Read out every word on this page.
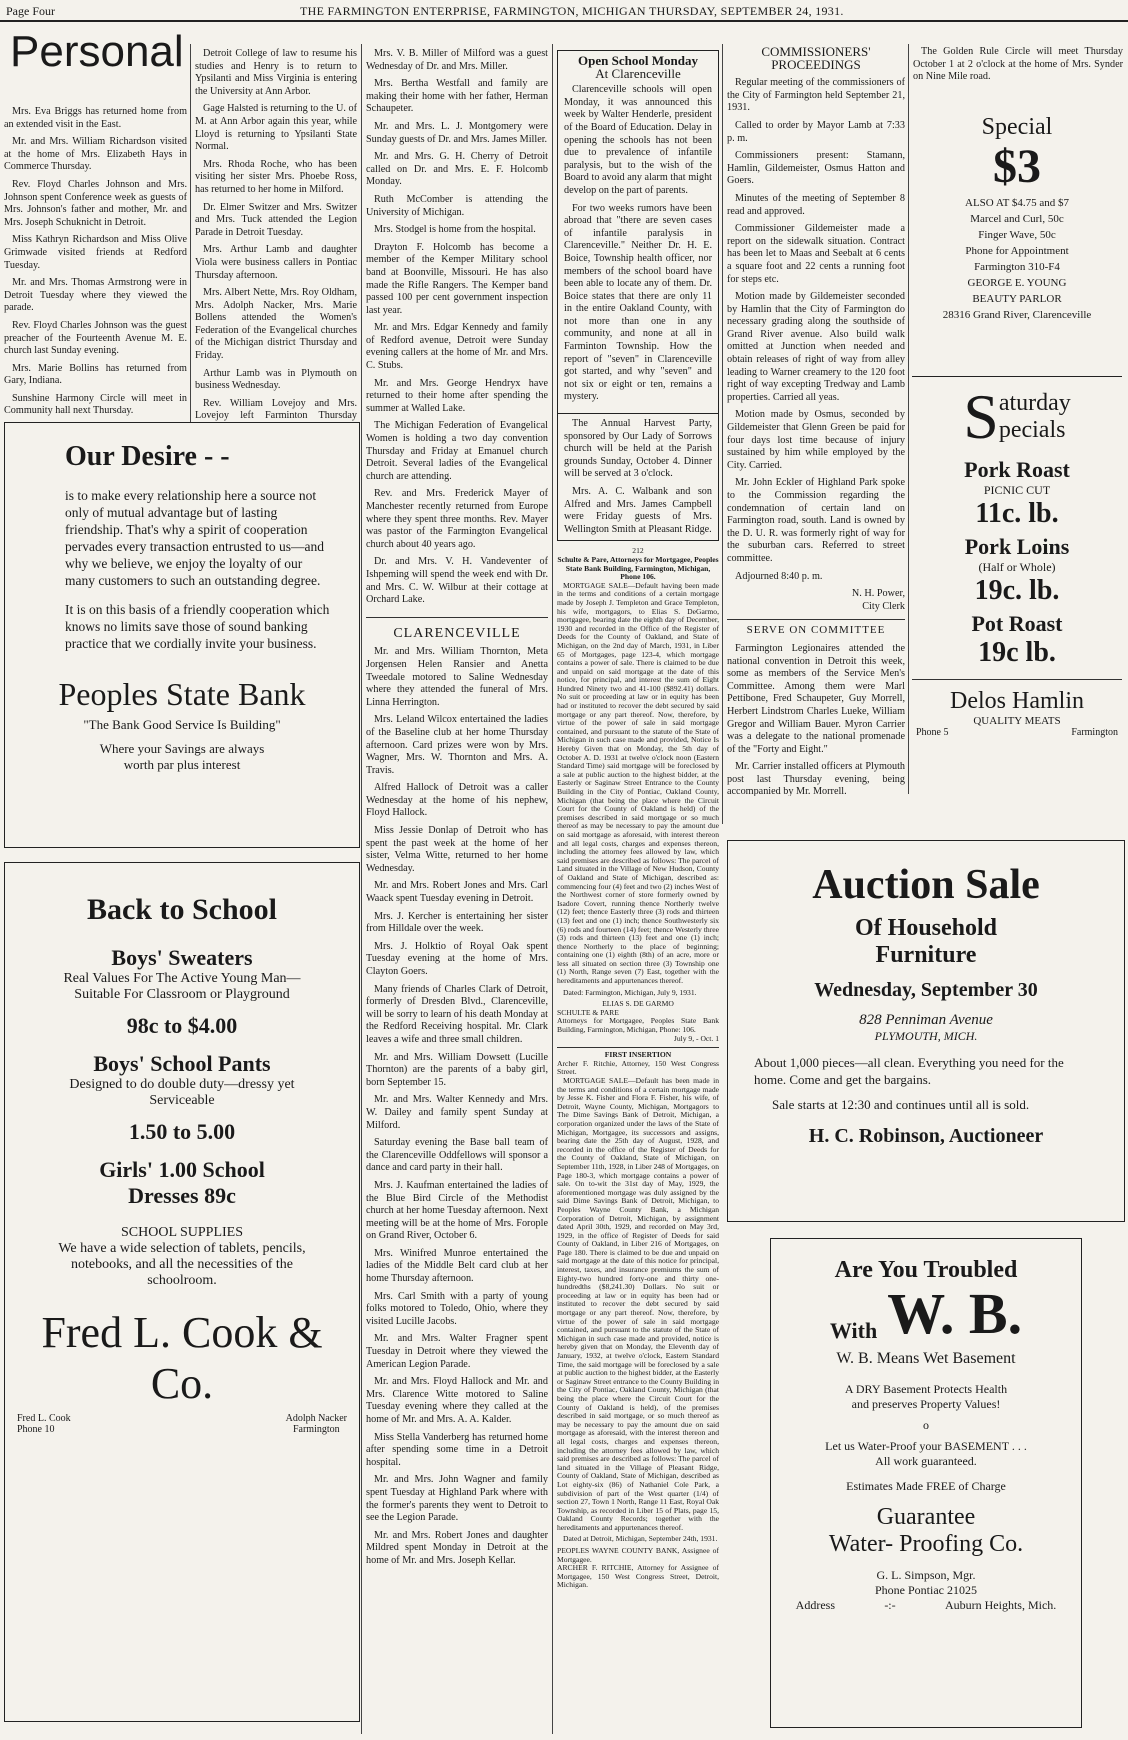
Page Four	THE FARMINGTON ENTERPRISE, FARMINGTON, MICHIGAN THURSDAY, SEPTEMBER 24, 1931.
Personal

Mrs. Eva Briggs has returned home from an extended visit in the East.

Mr. and Mrs. William Richardson visited at the home of Mrs. Elizabeth Hays in Commerce Thursday.

Rev. Floyd Charles Johnson and Mrs. Johnson spent Conference week as guests of Mrs. Johnson's father and mother, Mr. and Mrs. Joseph Schuknicht in Detroit.

Miss Kathryn Richardson and Miss Olive Grimwade visited friends at Redford Tuesday.

Mr. and Mrs. Thomas Armstrong were in Detroit Tuesday where they viewed the parade.

Rev. Floyd Charles Johnson was the guest preacher of the Fourteenth Avenue M. E. church last Sunday evening.

Mrs. Marie Bollins has returned from Gary, Indiana.

Sunshine Harmony Circle will meet in Community hall next Thursday.

Detroit College of law to resume his studies and Henry is to return to Ypsilanti and Miss Virginia is entering the University at Ann Arbor.

Gage Halsted is returning to the U. of M. at Ann Arbor again this year, while Lloyd is returning to Ypsilanti State Normal.

Mrs. Rhoda Roche, who has been visiting her sister Mrs. Phoebe Ross, has returned to her home in Milford.

Dr. Elmer Switzer and Mrs. Switzer and Mrs. Tuck attended the Legion Parade in Detroit Tuesday.

Mrs. Arthur Lamb and daughter Viola were business callers in Pontiac Thursday afternoon.

Mrs. Albert Nette, Mrs. Roy Oldham, Mrs. Adolph Nacker, Mrs. Marie Bollens attended the Women's Federation of the Evangelical churches of the Michigan district Thursday and Friday.

Arthur Lamb was in Plymouth on business Wednesday.

Rev. William Lovejoy and Mrs. Lovejoy left Farminton Thursday

Mrs. V. B. Miller of Milford was a guest Wednesday of Dr. and Mrs. Miller.

Mrs. Bertha Westfall and family are making their home with her father, Herman Schaupeter.

Mr. and Mrs. L. J. Montgomery were Sunday guests of Dr. and Mrs. James Miller.

Mr. and Mrs. G. H. Cherry of Detroit called on Dr. and Mrs. E. F. Holcomb Monday.

Ruth McComber is attending the University of Michigan.

Mrs. Stodgel is home from the hospital.

Drayton F. Holcomb has become a member of the Kemper Military school band at Boonville, Missouri. He has also made the Rifle Rangers. The Kemper band passed 100 per cent government inspection last year.

Mr. and Mrs. Edgar Kennedy and family of Redford avenue, Detroit were Sunday evening callers at the home of Mr. and Mrs. C. Stubs.

Mr. and Mrs. George Hendryx have returned to their home after spending the summer at Walled Lake.

The Michigan Federation of Evangelical Women is holding a two day convention Thursday and Friday at Emanuel church Detroit. Several ladies of the Evangelical church are attending.

Rev. and Mrs. Frederick Mayer of Manchester recently returned from Europe where they spent three months. Rev. Mayer was pastor of the Farmington Evangelical church about 40 years ago.

Dr. and Mrs. V. H. Vandeventer of Ishpeming will spend the week end with Dr. and Mrs. C. W. Wilbur at their cottage at Orchard Lake.

CLARENCEVILLE

Mr. and Mrs. William Thornton, Meta Jorgensen Helen Ransier and Anetta Tweedale motored to Saline Wednesday where they attended the funeral of Mrs. Linna Herrington.

Mrs. Leland Wilcox entertained the ladies of the Baseline club at her home Thursday afternoon. Card prizes were won by Mrs. Wagner, Mrs. W. Thornton and Mrs. A. Travis.

Alfred Hallock of Detroit was a caller Wednesday at the home of his nephew, Floyd Hallock.

Miss Jessie Donlap of Detroit who has spent the past week at the home of her sister, Velma Witte, returned to her home Wednesday.

Mr. and Mrs. Robert Jones and Mrs. Carl Waack spent Tuesday evening in Detroit.

Mrs. J. Kercher is entertaining her sister from Hilldale over the week.

Mrs. J. Holktio of Royal Oak spent Tuesday evening at the home of Mrs. Clayton Goers.

Many friends of Charles Clark of Detroit, formerly of Dresden Blvd., Clarenceville, will be sorry to learn of his death Monday at the Redford Receiving hospital. Mr. Clark leaves a wife and three small children.

Mr. and Mrs. William Dowsett (Lucille Thornton) are the parents of a baby girl, born September 15.

Mr. and Mrs. Walter Kennedy and Mrs. W. Dailey and family spent Sunday at Milford.

Saturday evening the Base ball team of the Clarenceville Oddfellows will sponsor a dance and card party in their hall.

Mrs. J. Kaufman entertained the ladies of the Blue Bird Circle of the Methodist church at her home Tuesday afternoon. Next meeting will be at the home of Mrs. Forople on Grand River, October 6.

Mrs. Winifred Munroe entertained the ladies of the Middle Belt card club at her home Thursday afternoon.

Mrs. Carl Smith with a party of young folks motored to Toledo, Ohio, where they visited Lucille Jacobs.

Mr. and Mrs. Walter Fragner spent Tuesday in Detroit where they viewed the American Legion Parade.

Mr. and Mrs. Floyd Hallock and Mr. and Mrs. Clarence Witte motored to Saline Tuesday evening where they called at the home of Mr. and Mrs. A. A. Kalder.

Miss Stella Vanderberg has returned home after spending some time in a Detroit hospital.

Mr. and Mrs. John Wagner and family spent Tuesday at Highland Park where with the former's parents they went to Detroit to see the Legion Parade.

Mr. and Mrs. Robert Jones and daughter Mildred spent Monday in Detroit at the home of Mr. and Mrs. Joseph Kellar.

Open School Monday
At Clarenceville

Clarenceville schools will open Monday, it was announced this week by Walter Henderle, president of the Board of Education. Delay in opening the schools has not been due to prevalence of infantile paralysis, but to the wish of the Board to avoid any alarm that might develop on the part of parents.

For two weeks rumors have been abroad that "there are seven cases of infantile paralysis in Clarenceville." Neither Dr. H. E. Boice, Township health officer, nor members of the school board have been able to locate any of them. Dr. Boice states that there are only 11 in the entire Oakland County, with not more than one in any community, and none at all in Farminton Township. How the report of "seven" in Clarenceville got started, and why "seven" and not six or eight or ten, remains a mystery.

The Annual Harvest Party, sponsored by Our Lady of Sorrows church will be held at the Parish grounds Sunday, October 4. Dinner will be served at 3 o'clock.

Mrs. A. C. Walbank and son Alfred and Mrs. James Campbell were Friday guests of Mrs. Wellington Smith at Pleasant Ridge.

212
Schulte & Pare, Attorneys for Mortgagee, Peoples State Bank Building, Farmington, Michigan, Phone 106.

MORTGAGE SALE—Default having been made in the terms and conditions of a certain mortgage made by Joseph J. Templeton and Grace Templeton, his wife, mortgagors, to Elias S. DeGarmo, mortgagee, bearing date the eighth day of December, 1930 and recorded in the Office of the Register of Deeds for the County of Oakland, and State of Michigan, on the 2nd day of March, 1931, in Liber 65 of Mortgages, page 123-4, which mortgage contains a power of sale. There is claimed to be due and unpaid on said mortgage at the date of this notice, for principal, and interest the sum of Eight Hundred Ninety two and 41-100 ($892.41) dollars. No suit or proceeding at law or in equity has been had or instituted to recover the debt secured by said mortgage or any part thereof. Now, therefore, by virtue of the power of sale in said mortgage contained, and pursuant to the statute of the State of Michigan in such case made and provided, Notice Is Hereby Given that on Monday, the 5th day of October A. D. 1931 at twelve o'clock noon (Eastern Standard Time) said mortgage will be foreclosed by a sale at public auction to the highest bidder, at the Easterly or Saginaw Street Entrance to the County Building in the City of Pontiac, Oakland County, Michigan (that being the place where the Circuit Court for the County of Oakland is held) of the premises described in said mortgage or so much thereof as may be necessary to pay the amount due on said mortgage as aforesaid, with interest thereon and all legal costs, charges and expenses thereon, including the attorney fees allowed by law, which said premises are described as follows: The parcel of Land situated in the Village of New Hudson, County of Oakland and State of Michigan, described as: commencing four (4) feet and two (2) inches West of the Northwest corner of store formerly owned by Isadore Covert, running thence Northerly twelve (12) feet; thence Easterly three (3) rods and thirteen (13) feet and one (1) inch; thence Southwesterly six (6) rods and fourteen (14) feet; thence Westerly three (3) rods and thirteen (13) feet and one (1) inch; thence Northerly to the place of beginning; containing one (1) eighth (8th) of an acre, more or less all situated on section three (3) Township one (1) North, Range seven (7) East, together with the hereditaments and appurtenances thereof.

Dated: Farmington, Michigan, July 9, 1931.

ELIAS S. DE GARMO
SCHULTE & PARE
Attorneys for Mortgagee, Peoples State Bank Building, Farmington, Michigan, Phone: 106.
July 9, - Oct. 1
FIRST INSERTION
Archer F. Ritchie, Attorney, 150 West Congress Street.

MORTGAGE SALE—Default has been made in the terms and conditions of a certain mortgage made by Jesse K. Fisher and Flora F. Fisher, his wife, of Detroit, Wayne County, Michigan, Mortgagors to The Dime Savings Bank of Detroit, Michigan, a corporation organized under the laws of the State of Michigan, Mortgagee, its successors and assigns, bearing date the 25th day of August, 1928, and recorded in the office of the Register of Deeds for the County of Oakland, State of Michigan, on September 11th, 1928, in Liber 248 of Mortgages, on Page 180-3, which mortgage contains a power of sale. On to-wit the 31st day of May, 1929, the aforementioned mortgage was duly assigned by the said Dime Savings Bank of Detroit, Michigan, to Peoples Wayne County Bank, a Michigan Corporation of Detroit, Michigan, by assignment dated April 30th, 1929, and recorded on May 3rd, 1929, in the office of Register of Deeds for said County of Oakland, in Liber 216 of Mortgages, on Page 180. There is claimed to be due and unpaid on said mortgage at the date of this notice for principal, interest, taxes, and insurance premiums the sum of Eighty-two hundred forty-one and thirty one-hundredths ($8,241.30) Dollars. No suit or proceeding at law or in equity has been had or instituted to recover the debt secured by said mortgage or any part thereof. Now, therefore, by virtue of the power of sale in said mortgage contained, and pursuant to the statute of the State of Michigan in such case made and provided, notice is hereby given that on Monday, the Eleventh day of January, 1932, at twelve o'clock, Eastern Standard Time, the said mortgage will be foreclosed by a sale at public auction to the highest bidder, at the Easterly or Saginaw Street entrance to the County Building in the City of Pontiac, Oakland County, Michigan (that being the place where the Circuit Court for the County of Oakland is held), of the premises described in said mortgage, or so much thereof as may be necessary to pay the amount due on said mortgage as aforesaid, with the interest thereon and all legal costs, charges and expenses thereon, including the attorney fees allowed by law, which said premises are described as follows: The parcel of land situated in the Village of Pleasant Ridge, County of Oakland, State of Michigan, described as Lot eighty-six (86) of Nathaniel Cole Park, a subdivision of part of the West quarter (1/4) of section 27, Town 1 North, Range 11 East, Royal Oak Township, as recorded in Liber 15 of Plats, page 15, Oakland County Records; together with the hereditaments and appurtenances thereof.

Dated at Detroit, Michigan, September 24th, 1931.

PEOPLES WAYNE COUNTY BANK, Assignee of Mortgagee.
ARCHER F. RITCHIE, Attorney for Assignee of Mortgagee, 150 West Congress Street, Detroit, Michigan.
COMMISSIONERS'
PROCEEDINGS

Regular meeting of the commissioners of the City of Farmington held September 21, 1931.

Called to order by Mayor Lamb at 7:33 p. m.

Commissioners present: Stamann, Hamlin, Gildemeister, Osmus Hatton and Goers.

Minutes of the meeting of September 8 read and approved.

Commissioner Gildemeister made a report on the sidewalk situation. Contract has been let to Maas and Seebalt at 6 cents a square foot and 22 cents a running foot for steps etc.

Motion made by Gildemeister seconded by Hamlin that the City of Farmington do necessary grading along the southside of Grand River avenue. Also build walk omitted at Junction when needed and obtain releases of right of way from alley leading to Warner creamery to the 120 foot right of way excepting Tredway and Lamb properties. Carried all yeas.

Motion made by Osmus, seconded by Gildemeister that Glenn Green be paid for four days lost time because of injury sustained by him while employed by the City. Carried.

Mr. John Eckler of Highland Park spoke to the Commission regarding the condemnation of certain land on Farmington road, south. Land is owned by the D. U. R. was formerly right of way for the suburban cars. Referred to street committee.

Adjourned 8:40 p. m.

N. H. Power,
City Clerk
SERVE ON COMMITTEE

Farmington Legionaires attended the national convention in Detroit this week, some as members of the Service Men's Committee. Among them were Marl Pettibone, Fred Schaupeter, Guy Morrell, Herbert Lindstrom Charles Lueke, William Gregor and William Bauer. Myron Carrier was a delegate to the national promenade of the "Forty and Eight."

Mr. Carrier installed officers at Plymouth post last Thursday evening, being accompanied by Mr. Morrell.

The Golden Rule Circle will meet Thursday October 1 at 2 o'clock at the home of Mrs. Synder on Nine Mile road.

Special
$3
ALSO AT $4.75 and $7
Marcel and Curl, 50c
Finger Wave, 50c
Phone for Appointment
Farmington 310-F4
GEORGE E. YOUNG
BEAUTY PARLOR
28316 Grand River, Clarenceville
S aturday
pecials
Pork Roast
PICNIC CUT
11c. lb.
Pork Loins
(Half or Whole)
19c. lb.
Pot Roast
19c lb.
Delos Hamlin
QUALITY MEATS
Phone 5	Farmington
Our Desire - -
is to make every relationship here a source not only of mutual advantage but of lasting friendship. That's why a spirit of cooperation pervades every transaction entrusted to us—and why we believe, we enjoy the loyalty of our many customers to such an outstanding degree.
It is on this basis of a friendly cooperation which knows no limits save those of sound banking practice that we cordially invite your business.
Peoples State Bank
"The Bank Good Service Is Building"
Where your Savings are always
worth par plus interest
Back to School
Boys' Sweaters
Real Values For The Active Young Man—
Suitable For Classroom or Playground
98c to $4.00
Boys' School Pants
Designed to do double duty—dressy yet
Serviceable
1.50 to 5.00
Girls' 1.00 School
Dresses 89c
SCHOOL SUPPLIES
We have a wide selection of tablets, pencils,
notebooks, and all the necessities of the
schoolroom.
Fred L. Cook & Co.
Fred L. Cook
Phone 10
Adolph Nacker
Farmington
Auction Sale
Of Household
Furniture
Wednesday, September 30
828 Penniman Avenue
PLYMOUTH, MICH.
About 1,000 pieces—all clean. Everything you need for the home. Come and get the bargains.
Sale starts at 12:30 and continues until all is sold.
H. C. Robinson, Auctioneer
Are You Troubled
With W. B.
W. B. Means Wet Basement
A DRY Basement Protects Health
and preserves Property Values!
o
Let us Water-Proof your BASEMENT . . . All work guaranteed.
Estimates Made FREE of Charge
Guarantee
Water- Proofing Co.
G. L. Simpson, Mgr.
Phone Pontiac 21025
Address	-:-	Auburn Heights, Mich.
